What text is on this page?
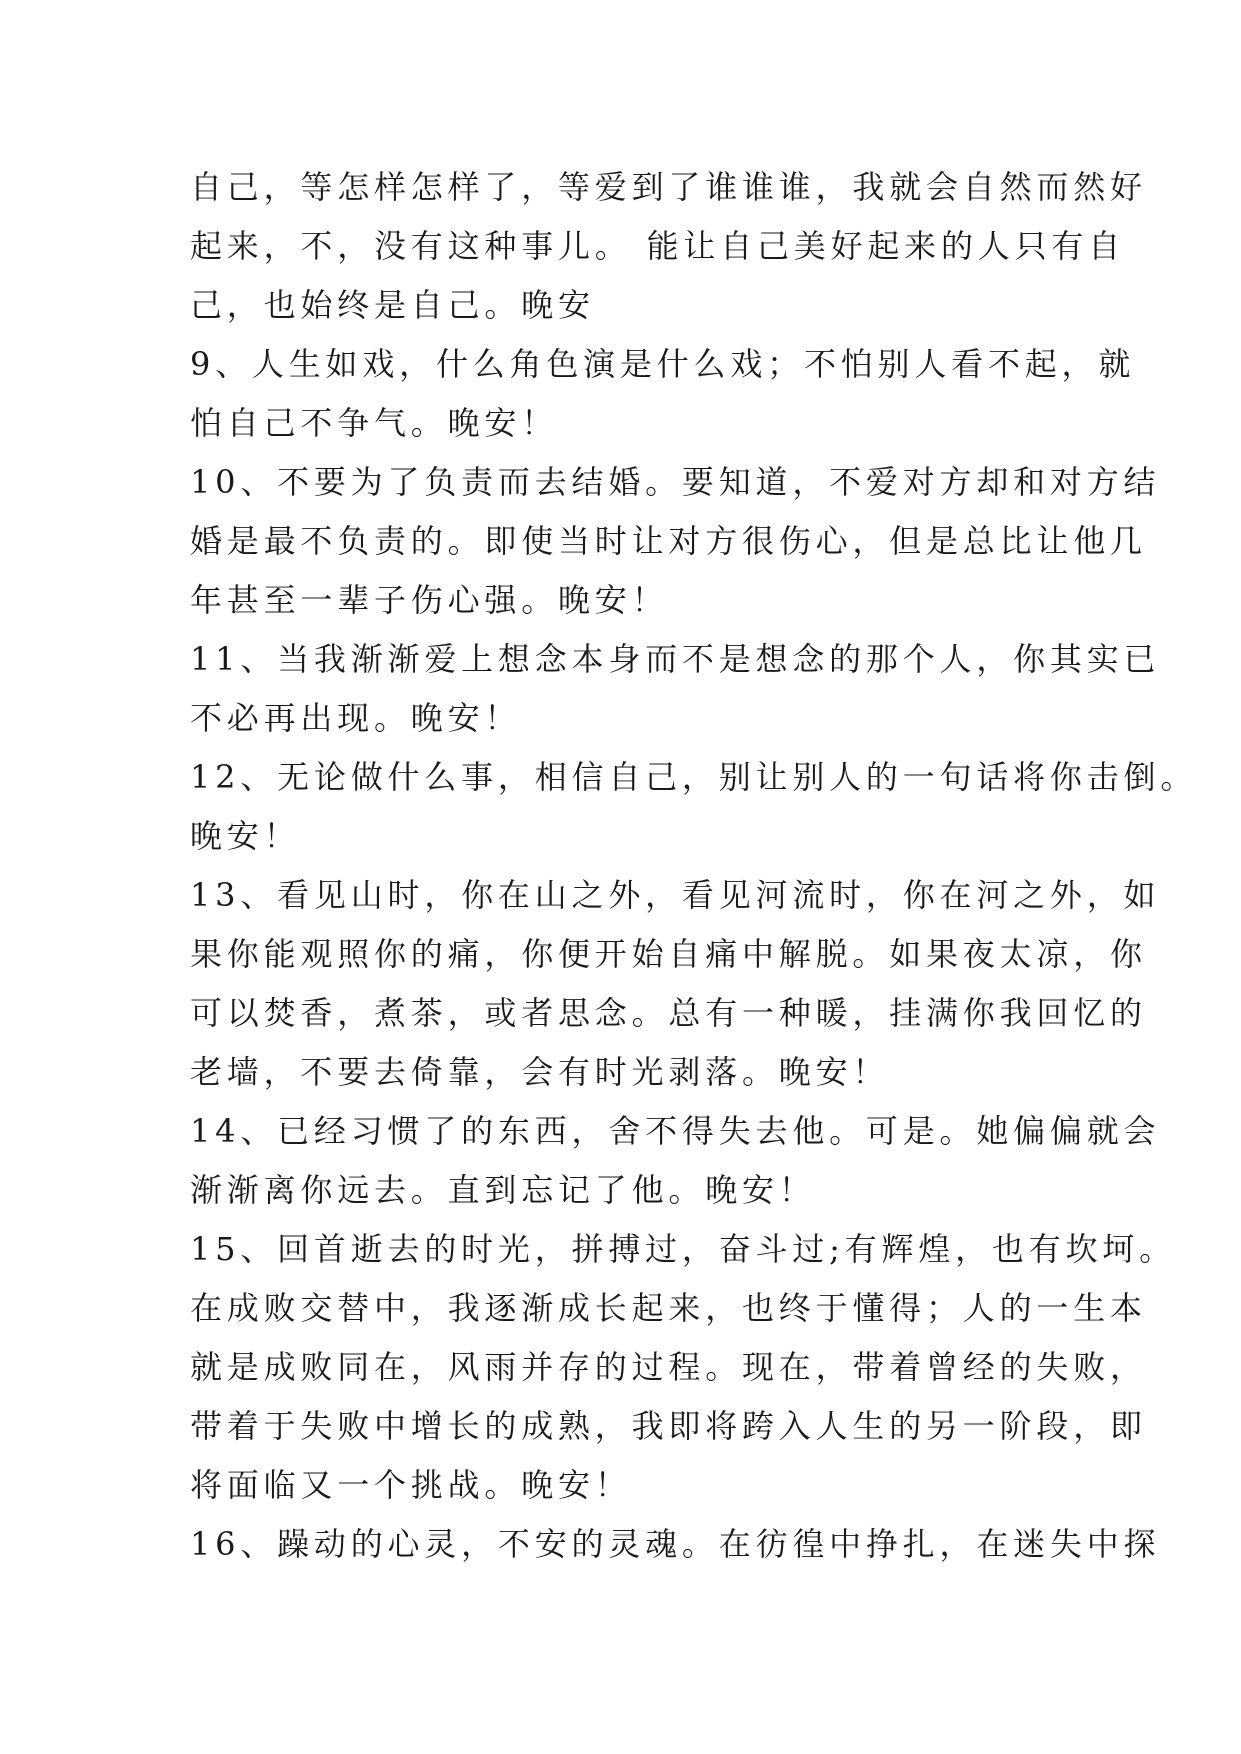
自己，等怎样怎样了，等爱到了谁谁谁，我就会自然而然好
起来，不，没有这种事儿。 能让自己美好起来的人只有自
己，也始终是自己。晚安
9、人生如戏，什么角色演是什么戏；不怕别人看不起，就
怕自己不争气。晚安！
10、不要为了负责而去结婚。要知道，不爱对方却和对方结
婚是最不负责的。即使当时让对方很伤心，但是总比让他几
年甚至一辈子伤心强。晚安！
11、当我渐渐爱上想念本身而不是想念的那个人，你其实已
不必再出现。晚安！
12、无论做什么事，相信自己，别让别人的一句话将你击倒。
晚安！
13、看见山时，你在山之外，看见河流时，你在河之外，如
果你能观照你的痛，你便开始自痛中解脱。如果夜太凉，你
可以焚香，煮茶，或者思念。总有一种暖，挂满你我回忆的
老墙，不要去倚靠，会有时光剥落。晚安！
14、已经习惯了的东西，舍不得失去他。可是。她偏偏就会
渐渐离你远去。直到忘记了他。晚安！
15、回首逝去的时光，拼搏过，奋斗过;有辉煌，也有坎坷。
在成败交替中，我逐渐成长起来，也终于懂得；人的一生本
就是成败同在，风雨并存的过程。现在，带着曾经的失败，
带着于失败中增长的成熟，我即将跨入人生的另一阶段，即
将面临又一个挑战。晚安！
16、躁动的心灵，不安的灵魂。在彷徨中挣扎，在迷失中探
